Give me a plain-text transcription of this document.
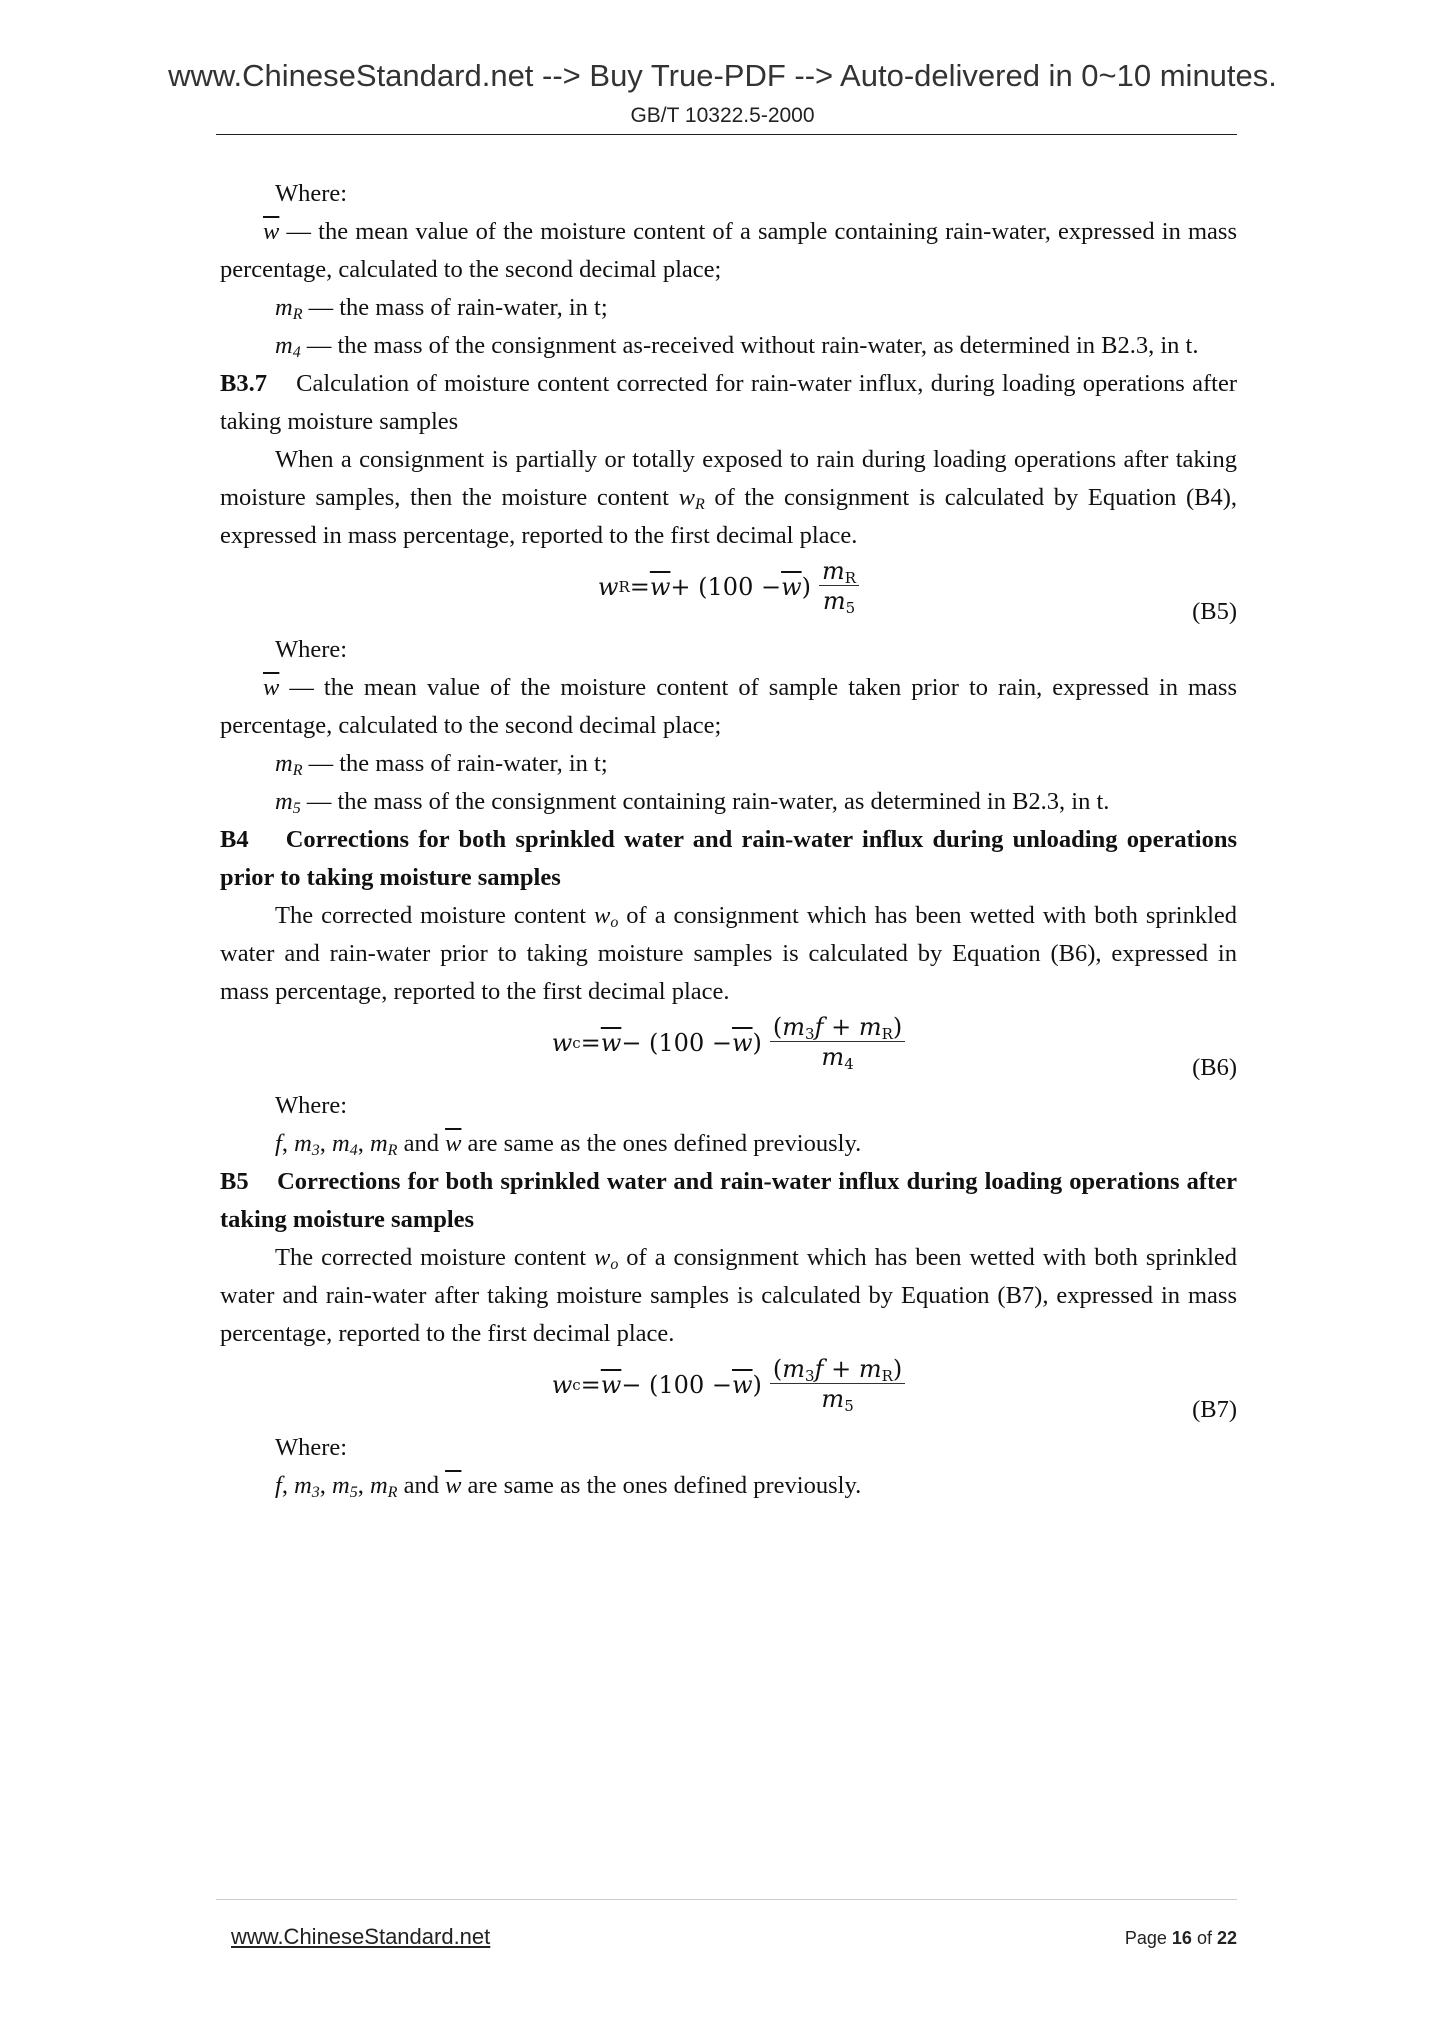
www.ChineseStandard.net --> Buy True-PDF --> Auto-delivered in 0~10 minutes.
GB/T 10322.5-2000

Where:

$\overline{w}$ — the mean value of the moisture content of a sample containing rain-water, expressed in mass percentage, calculated to the second decimal place;

$m_R$ — the mass of rain-water, in t;

$m_4$ — the mass of the consignment as-received without rain-water, as determined in B2.3, in t.

B3.7    Calculation of moisture content corrected for rain-water influx, during loading operations after taking moisture samples

When a consignment is partially or totally exposed to rain during loading operations after taking moisture samples, then the moisture content $w_R$ of the consignment is calculated by Equation (B4), expressed in mass percentage, reported to the first decimal place.

w $R = \overline{w} + (100 - \overline{w}$ ) $\frac{mR}{m5}$	(B5)

Where:

$\overline{w}$ — the mean value of the moisture content of sample taken prior to rain, expressed in mass percentage, calculated to the second decimal place;

$m_R$ — the mass of rain-water, in t;

$m_5$ — the mass of the consignment containing rain-water, as determined in B2.3, in t.

B4    Corrections for both sprinkled water and rain-water influx during unloading operations prior to taking moisture samples

The corrected moisture content $w_o$ of a consignment which has been wetted with both sprinkled water and rain-water prior to taking moisture samples is calculated by Equation (B6), expressed in mass percentage, reported to the first decimal place.

w $c = \overline{w} - (100 - \overline{w}$ ) $\frac{(m3f + mR)}{m4}$	(B6)

Where:

f, $m_3$, $m_4$, $m_R$ and $\overline{w}$ are same as the ones defined previously.

B5    Corrections for both sprinkled water and rain-water influx during loading operations after taking moisture samples

The corrected moisture content $w_o$ of a consignment which has been wetted with both sprinkled water and rain-water after taking moisture samples is calculated by Equation (B7), expressed in mass percentage, reported to the first decimal place.

w $c = \overline{w} - (100 - \overline{w}$ ) $\frac{(m3f + mR)}{m5}$	(B7)

Where:

f, $m_3$, $m_5$, $m_R$ and $\overline{w}$ are same as the ones defined previously.

www.ChineseStandard.net	Page 16 of 22
